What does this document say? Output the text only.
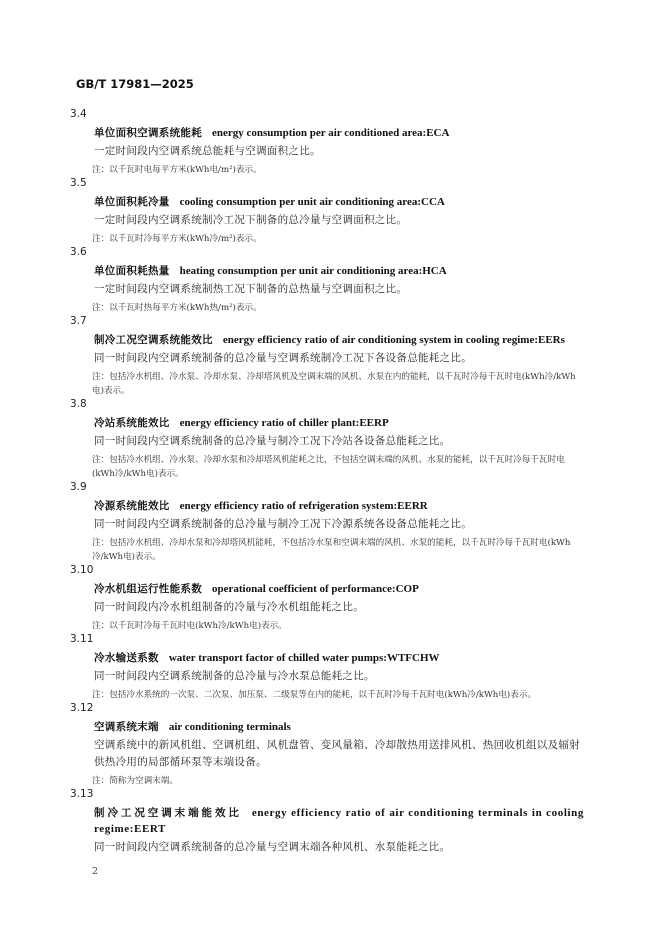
GB/T 17981—2025
3.4
单位面积空调系统能耗 energy consumption per air conditioned area:ECA
一定时间段内空调系统总能耗与空调面积之比。
注：以千瓦时电每平方米(kWh电/m²)表示。
3.5
单位面积耗冷量 cooling consumption per unit air conditioning area:CCA
一定时间段内空调系统制冷工况下制备的总冷量与空调面积之比。
注：以千瓦时冷每平方米(kWh冷/m²)表示。
3.6
单位面积耗热量 heating consumption per unit air conditioning area:HCA
一定时间段内空调系统制热工况下制备的总热量与空调面积之比。
注：以千瓦时热每平方米(kWh热/m²)表示。
3.7
制冷工况空调系统能效比 energy efficiency ratio of air conditioning system in cooling regime:EERs
同一时间段内空调系统制备的总冷量与空调系统制冷工况下各设备总能耗之比。
注：包括冷水机组、冷水泵、冷却水泵、冷却塔风机及空调末端的风机、水泵在内的能耗，以千瓦时冷每千瓦时电(kWh冷/kWh电)表示。
3.8
冷站系统能效比 energy efficiency ratio of chiller plant:EERP
同一时间段内空调系统制备的总冷量与制冷工况下冷站各设备总能耗之比。
注：包括冷水机组、冷水泵、冷却水泵和冷却塔风机能耗之比，不包括空调末端的风机、水泵的能耗，以千瓦时冷每千瓦时电(kWh冷/kWh电)表示。
3.9
冷源系统能效比 energy efficiency ratio of refrigeration system:EERR
同一时间段内空调系统制备的总冷量与制冷工况下冷源系统各设备总能耗之比。
注：包括冷水机组、冷却水泵和冷却塔风机能耗，不包括冷水泵和空调末端的风机、水泵的能耗，以千瓦时冷每千瓦时电(kWh冷/kWh电)表示。
3.10
冷水机组运行性能系数 operational coefficient of performance:COP
同一时间段内冷水机组制备的冷量与冷水机组能耗之比。
注：以千瓦时冷每千瓦时电(kWh冷/kWh电)表示。
3.11
冷水输送系数 water transport factor of chilled water pumps:WTFCHW
同一时间段内空调系统制备的总冷量与冷水泵总能耗之比。
注：包括冷水系统的一次泵、二次泵、加压泵、二级泵等在内的能耗，以千瓦时冷每千瓦时电(kWh冷/kWh电)表示。
3.12
空调系统末端 air conditioning terminals
空调系统中的新风机组、空调机组、风机盘管、变风量箱、冷却散热用送排风机、热回收机组以及辐射供热冷用的局部循环泵等末端设备。
注：简称为空调末端。
3.13
制冷工况空调末端能效比 energy efficiency ratio of air conditioning terminals in cooling regime:EERT
同一时间段内空调系统制备的总冷量与空调末端各种风机、水泵能耗之比。
2
